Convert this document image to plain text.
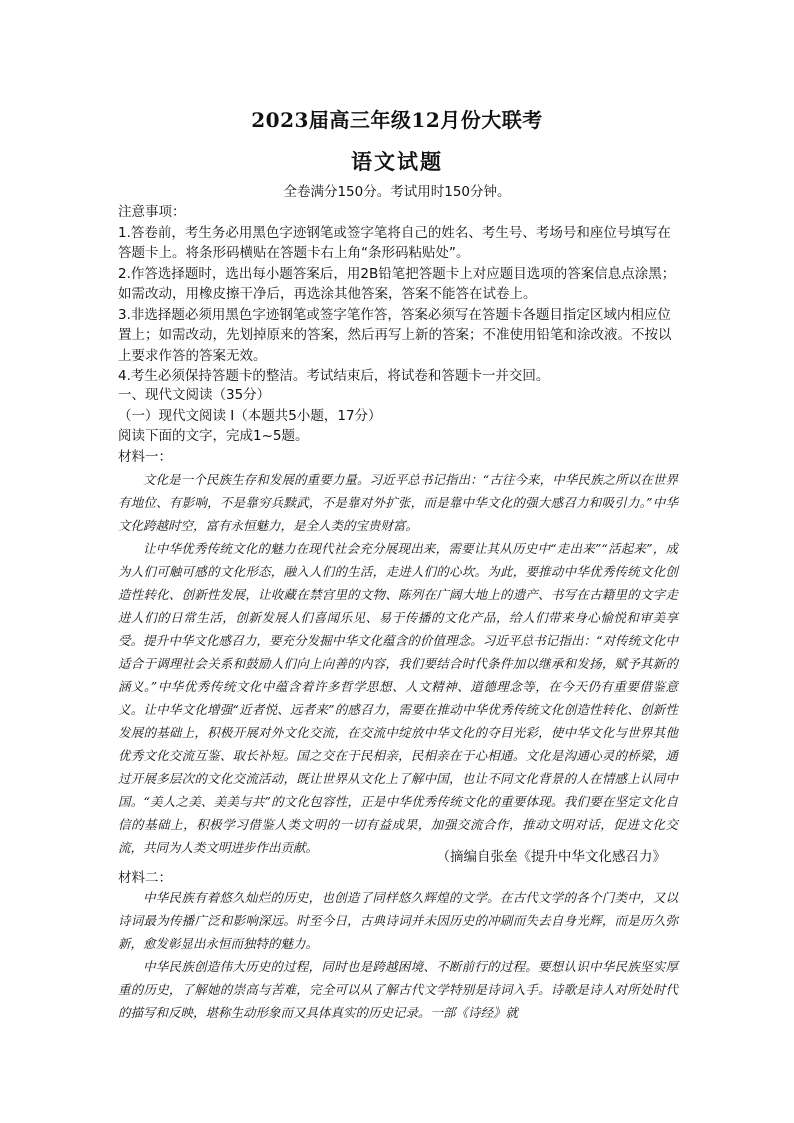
2023届高三年级12月份大联考
语文试题
全卷满分150分。考试用时150分钟。

注意事项：

1.答卷前，考生务必用黑色字迹钢笔或签字笔将自己的姓名、考生号、考场号和座位号填写在答题卡上。将条形码横贴在答题卡右上角“条形码粘贴处”。

2.作答选择题时，选出每小题答案后，用2B铅笔把答题卡上对应题目选项的答案信息点涂黑；如需改动，用橡皮擦干净后，再选涂其他答案，答案不能答在试卷上。

3.非选择题必须用黑色字迹钢笔或签字笔作答，答案必须写在答题卡各题目指定区域内相应位置上；如需改动，先划掉原来的答案，然后再写上新的答案；不准使用铅笔和涂改液。不按以上要求作答的答案无效。

4.考生必须保持答题卡的整洁。考试结束后，将试卷和答题卡一并交回。

一、现代文阅读（35分）

（一）现代文阅读 I（本题共5小题，17分）

阅读下面的文字，完成1~5题。

材料一：

文化是一个民族生存和发展的重要力量。习近平总书记指出：“古往今来，中华民族之所以在世界有地位、有影响，不是靠穷兵黩武，不是靠对外扩张，而是靠中华文化的强大感召力和吸引力。”中华文化跨越时空，富有永恒魅力，是全人类的宝贵财富。

让中华优秀传统文化的魅力在现代社会充分展现出来，需要让其从历史中“走出来”“活起来”，成为人们可触可感的文化形态，融入人们的生活，走进人们的心坎。为此，要推动中华优秀传统文化创造性转化、创新性发展，让收藏在禁宫里的文物、陈列在广阔大地上的遗产、书写在古籍里的文字走进人们的日常生活，创新发展人们喜闻乐见、易于传播的文化产品，给人们带来身心愉悦和审美享受。提升中华文化感召力，要充分发掘中华文化蕴含的价值理念。习近平总书记指出：“对传统文化中适合于调理社会关系和鼓励人们向上向善的内容，我们要结合时代条件加以继承和发扬，赋予其新的涵义。”中华优秀传统文化中蕴含着许多哲学思想、人文精神、道德理念等，在今天仍有重要借鉴意义。让中华文化增强“近者悦、远者来”的感召力，需要在推动中华优秀传统文化创造性转化、创新性发展的基础上，积极开展对外文化交流，在交流中绽放中华文化的夺目光彩，使中华文化与世界其他优秀文化交流互鉴、取长补短。国之交在于民相亲，民相亲在于心相通。文化是沟通心灵的桥梁，通过开展多层次的文化交流活动，既让世界从文化上了解中国，也让不同文化背景的人在情感上认同中国。“美人之美、美美与共”的文化包容性，正是中华优秀传统文化的重要体现。我们要在坚定文化自信的基础上，积极学习借鉴人类文明的一切有益成果，加强交流合作，推动文明对话，促进文化交流，共同为人类文明进步作出贡献。

（摘编自张垒《提升中华文化感召力》
材料二：

中华民族有着悠久灿烂的历史，也创造了同样悠久辉煌的文学。在古代文学的各个门类中，又以诗词最为传播广泛和影响深远。时至今日，古典诗词并未因历史的冲刷而失去自身光辉，而是历久弥新，愈发彰显出永恒而独特的魅力。

中华民族创造伟大历史的过程，同时也是跨越困境、不断前行的过程。要想认识中华民族坚实厚重的历史，了解她的崇高与苦难，完全可以从了解古代文学特别是诗词入手。诗歌是诗人对所处时代的描写和反映，堪称生动形象而又具体真实的历史记录。一部《诗经》就
